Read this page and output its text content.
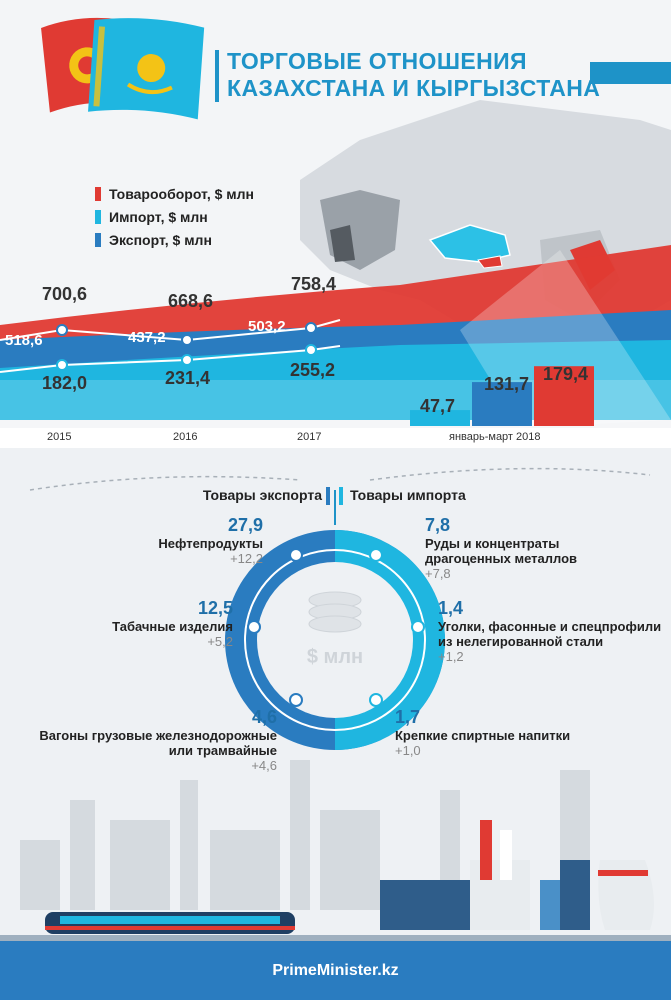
ТОРГОВЫЕ ОТНОШЕНИЯ
КАЗАХСТАНА И КЫРГЫЗСТАНА
Товарооборот, $ млн
Импорт, $ млн
Экспорт, $ млн
700,6	668,6
758,4
518,6	437,2
503,2
182,0	231,4	255,2
47,7
131,7 179,4
2015	2016	2017	январь-март 2018
Товары экспорта Товары импорта
$ млн
27,9
Нефтепродукты
+12,2
12,5
Табачные изделия
+5,2
4,6
Вагоны грузовые железнодорожные
или трамвайные
+4,6
7,8
Руды и концентраты
драгоценных металлов
+7,8
1,4
Уголки, фасонные и спецпрофили
из нелегированной стали
+1,2
1,7
Крепкие спиртные напитки
+1,0
PrimeMinister.kz
